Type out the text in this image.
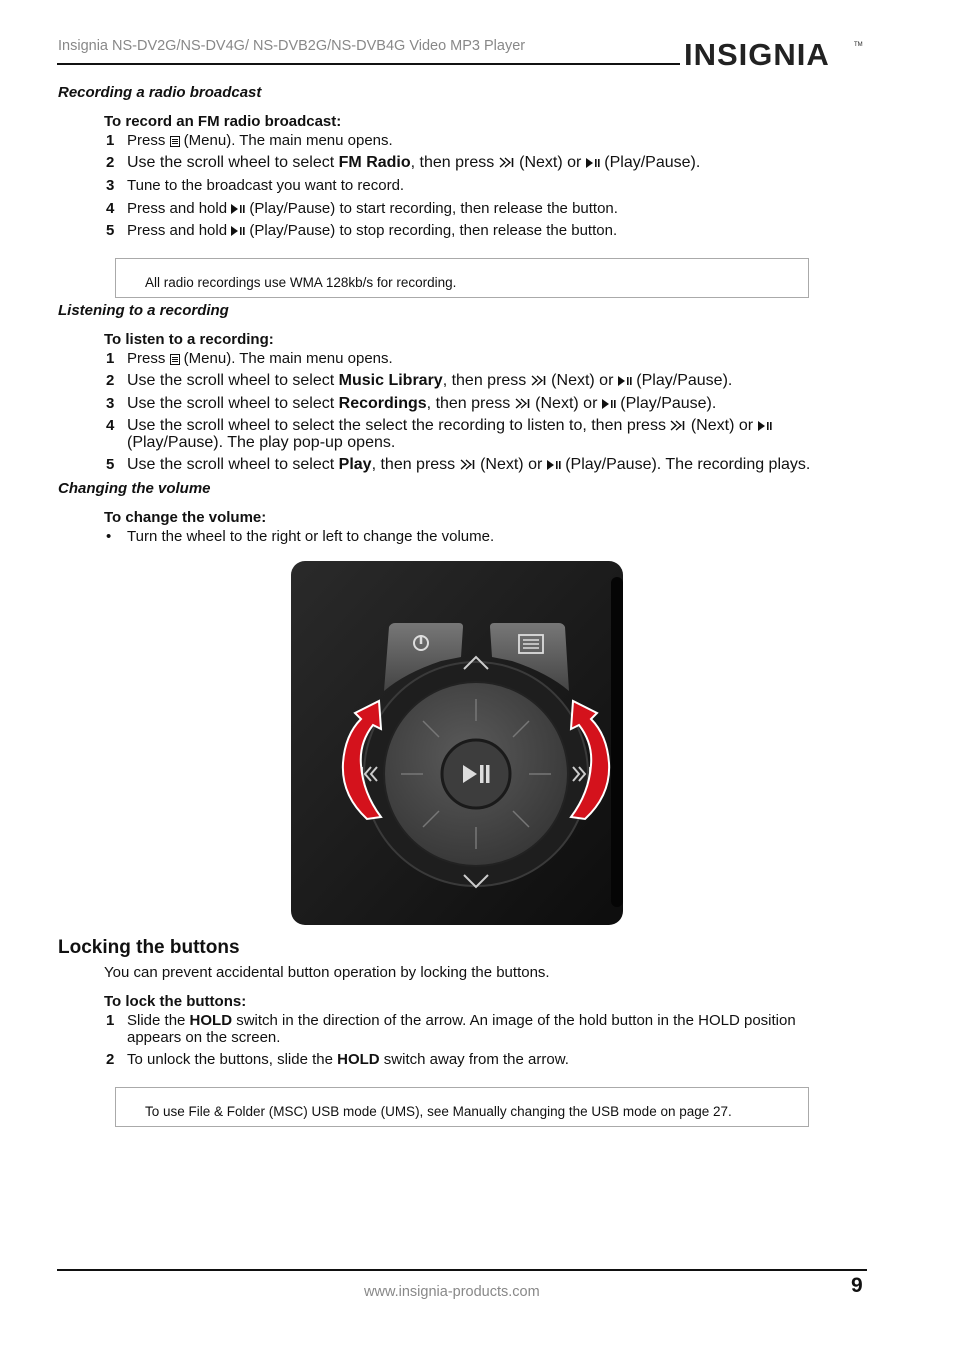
Insignia NS-DV2G/NS-DV4G/ NS-DVB2G/NS-DVB4G Video MP3 Player	INSIGNIA	TM
Recording a radio broadcast
To record an FM radio broadcast:
1 Press  (Menu). The main menu opens.
2 Use the scroll wheel to select FM Radio, then press  (Next) or  (Play/Pause).
3 Tune to the broadcast you want to record.
4 Press and hold  (Play/Pause) to start recording, then release the button.
5 Press and hold  (Play/Pause) to stop recording, then release the button.
All radio recordings use WMA 128kb/s for recording.
Listening to a recording
To listen to a recording:
1 Press  (Menu). The main menu opens.
2 Use the scroll wheel to select Music Library, then press  (Next) or  (Play/Pause).
3 Use the scroll wheel to select Recordings, then press  (Next) or  (Play/Pause).
4 Use the scroll wheel to select the select the recording to listen to, then press  (Next) or (Play/Pause). The play pop-up opens.
5 Use the scroll wheel to select Play, then press  (Next) or  (Play/Pause). The recording plays.
Changing the volume
To change the volume:
• Turn the wheel to the right or left to change the volume.
Locking the buttons
You can prevent accidental button operation by locking the buttons.
To lock the buttons:
1 Slide the HOLD switch in the direction of the arrow. An image of the hold button in the HOLD position appears on the screen.
2 To unlock the buttons, slide the HOLD switch away from the arrow.
To use File & Folder (MSC) USB mode (UMS), see Manually changing the USB mode on page 27.
www.insignia-products.com	9
